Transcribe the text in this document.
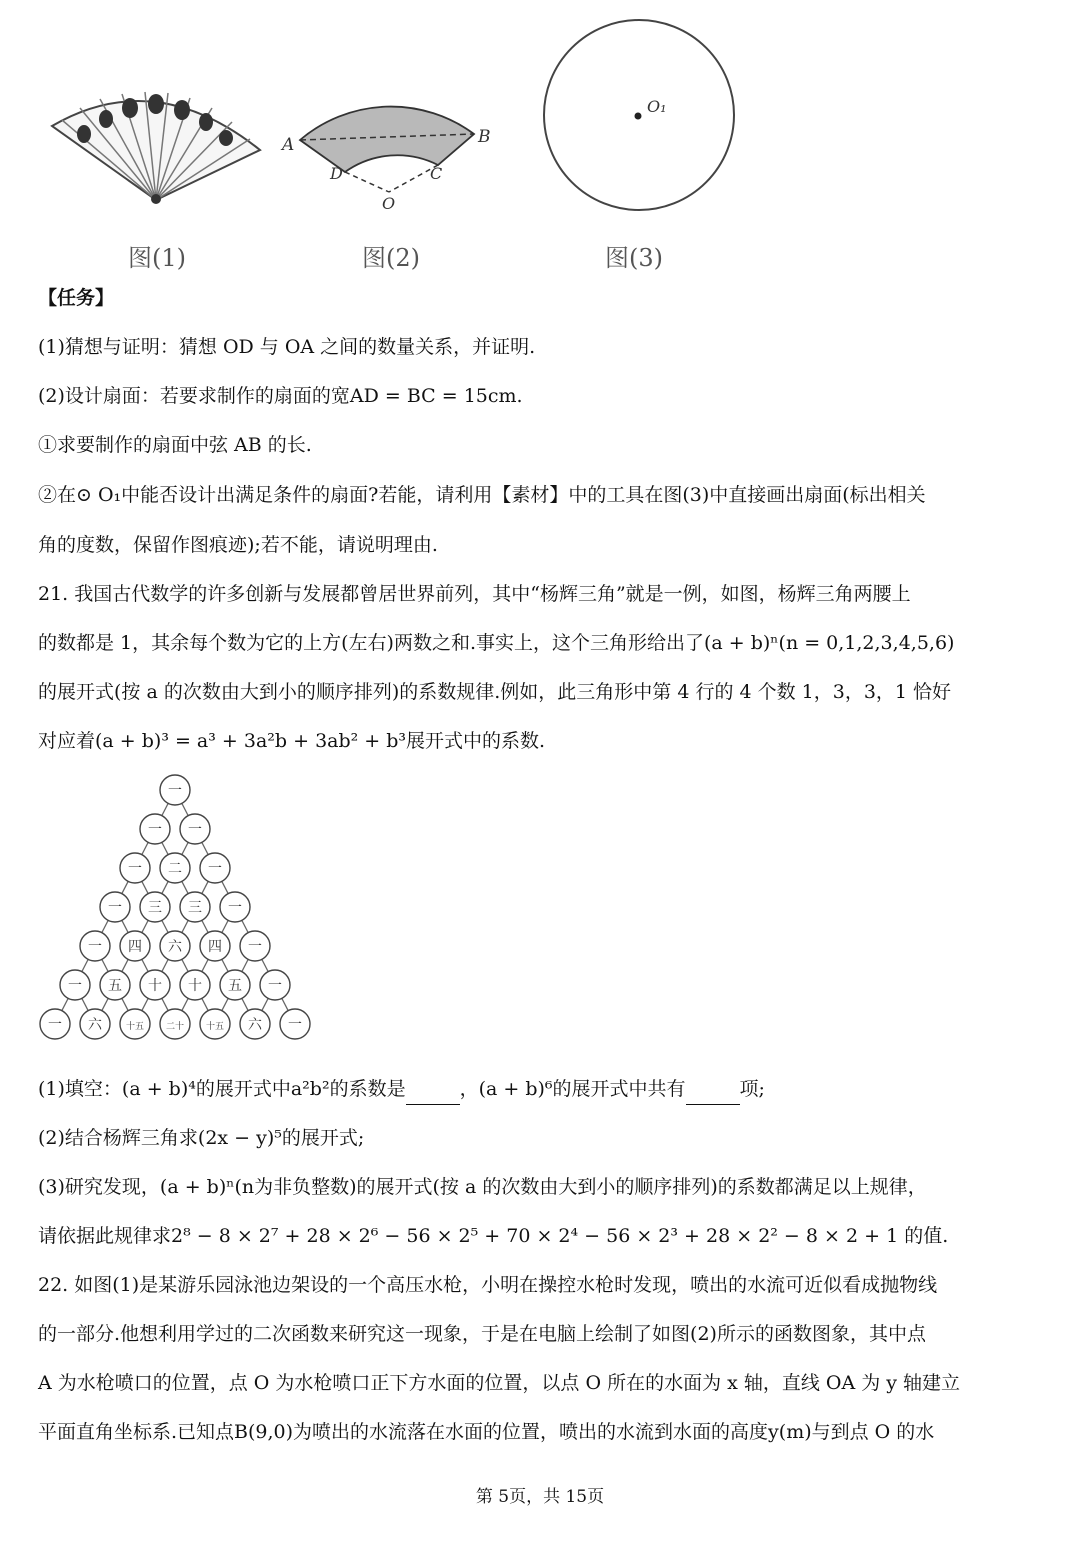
图(1)
A	B
C
D
O
图(2)
O₁
图(3)
【任务】
(1)猜想与证明：猜想 OD 与 OA 之间的数量关系，并证明.
(2)设计扇面：若要求制作的扇面的宽AD = BC = 15cm.
①求要制作的扇面中弦 AB 的长.
②在⊙ O₁中能否设计出满足条件的扇面?若能，请利用【素材】中的工具在图(3)中直接画出扇面(标出相关
角的度数，保留作图痕迹);若不能，请说明理由.
21. 我国古代数学的许多创新与发展都曾居世界前列，其中“杨辉三角”就是一例，如图，杨辉三角两腰上
的数都是 1，其余每个数为它的上方(左右)两数之和.事实上，这个三角形给出了(a + b)ⁿ(n = 0,1,2,3,4,5,6)
的展开式(按 a 的次数由大到小的顺序排列)的系数规律.例如，此三角形中第 4 行的 4 个数 1，3，3，1 恰好
对应着(a + b)³ = a³ + 3a²b + 3ab² + b³展开式中的系数.
一
一 一
一 二 一
一 三 三 一
一 四 六 四 一
一 五 十 十 五 一
一 六	十五 二十 十五 六 一
(1)填空：(a + b)⁴的展开式中a²b²的系数是	，(a + b)⁶的展开式中共有	项;
(2)结合杨辉三角求(2x − y)⁵的展开式;
(3)研究发现，(a + b)ⁿ(n为非负整数)的展开式(按 a 的次数由大到小的顺序排列)的系数都满足以上规律，
请依据此规律求2⁸ − 8 × 2⁷ + 28 × 2⁶ − 56 × 2⁵ + 70 × 2⁴ − 56 × 2³ + 28 × 2² − 8 × 2 + 1 的值.
22. 如图(1)是某游乐园泳池边架设的一个高压水枪，小明在操控水枪时发现，喷出的水流可近似看成抛物线
的一部分.他想利用学过的二次函数来研究这一现象，于是在电脑上绘制了如图(2)所示的函数图象，其中点
A 为水枪喷口的位置，点 O 为水枪喷口正下方水面的位置，以点 O 所在的水面为 x 轴，直线 OA 为 y 轴建立
平面直角坐标系.已知点B(9,0)为喷出的水流落在水面的位置，喷出的水流到水面的高度y(m)与到点 O 的水
第 5页，共 15页
